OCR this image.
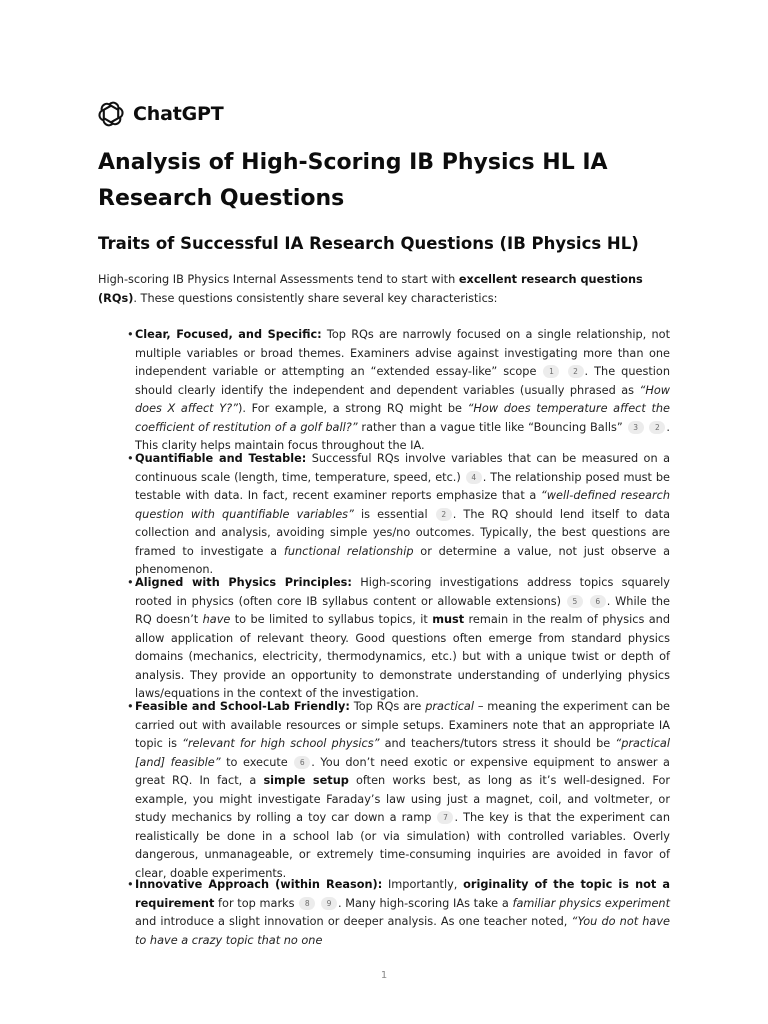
ChatGPT
Analysis of High-Scoring IB Physics HL IA Research Questions
Traits of Successful IA Research Questions (IB Physics HL)

High-scoring IB Physics Internal Assessments tend to start with excellent research questions (RQs). These questions consistently share several key characteristics:

• Clear, Focused, and Specific: Top RQs are narrowly focused on a single relationship, not multiple variables or broad themes. Examiners advise against investigating more than one independent variable or attempting an “extended essay-like” scope 1	2 . The question should clearly identify the independent and dependent variables (usually phrased as “How does X affect Y?”). For example, a strong RQ might be “How does temperature affect the coefficient of restitution of a golf ball?” rather than a vague title like “Bouncing Balls” 3 2 . This clarity helps maintain focus throughout the IA.
• Quantifiable and Testable: Successful RQs involve variables that can be measured on a continuous scale (length, time, temperature, speed, etc.) 4 . The relationship posed must be testable with data. In fact, recent examiner reports emphasize that a “well-defined research question with quantifiable variables” is essential 2 . The RQ should lend itself to data collection and analysis, avoiding simple yes/no outcomes. Typically, the best questions are framed to investigate a functional relationship or determine a value, not just observe a phenomenon.
• Aligned with Physics Principles: High-scoring investigations address topics squarely rooted in physics (often core IB syllabus content or allowable extensions) 5 6 . While the RQ doesn’t have to be limited to syllabus topics, it must remain in the realm of physics and allow application of relevant theory. Good questions often emerge from standard physics domains (mechanics, electricity, thermodynamics, etc.) but with a unique twist or depth of analysis. They provide an opportunity to demonstrate understanding of underlying physics laws/equations in the context of the investigation.
• Feasible and School-Lab Friendly: Top RQs are practical – meaning the experiment can be carried out with available resources or simple setups. Examiners note that an appropriate IA topic is “relevant for high school physics” and teachers/tutors stress it should be “practical [and] feasible” to execute 6 . You don’t need exotic or expensive equipment to answer a great RQ. In fact, a simple setup often works best, as long as it’s well-designed. For example, you might investigate Faraday’s law using just a magnet, coil, and voltmeter, or study mechanics by rolling a toy car down a ramp 7 . The key is that the experiment can realistically be done in a school lab (or via simulation) with controlled variables. Overly dangerous, unmanageable, or extremely time-consuming inquiries are avoided in favor of clear, doable experiments.
• Innovative Approach (within Reason): Importantly, originality of the topic is not a requirement for top marks 8 9 . Many high-scoring IAs take a familiar physics experiment and introduce a slight innovation or deeper analysis. As one teacher noted, “You do not have to have a crazy topic that no one
1
